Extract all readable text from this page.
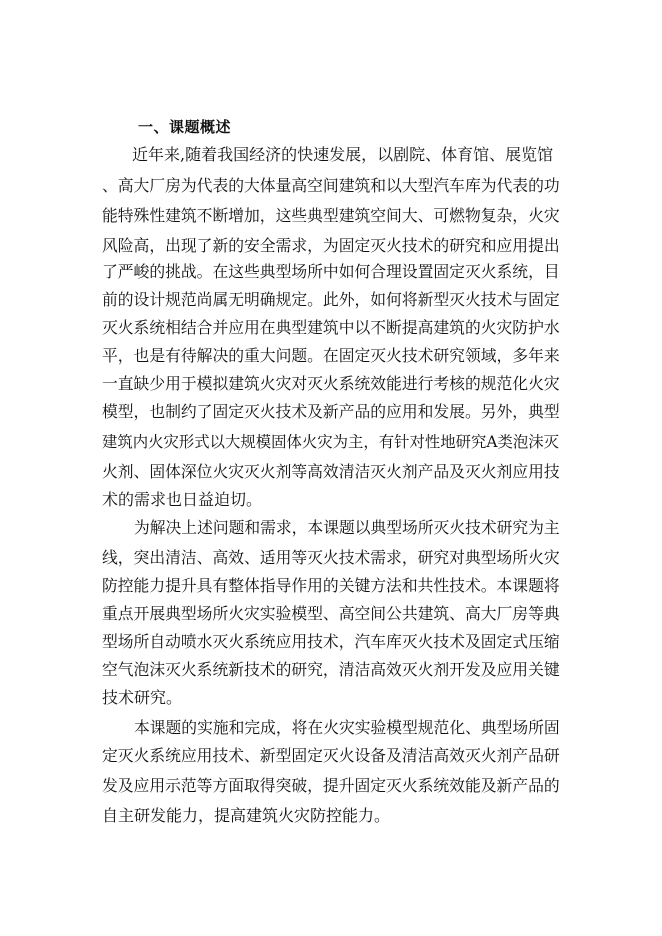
一、课题概述

近年来,随着我国经济的快速发展，以剧院、体育馆、展览馆

、高大厂房为代表的大体量高空间建筑和以大型汽车库为代表的功

能特殊性建筑不断增加，这些典型建筑空间大、可燃物复杂，火灾

风险高，出现了新的安全需求，为固定灭火技术的研究和应用提出

了严峻的挑战。在这些典型场所中如何合理设置固定灭火系统，目

前的设计规范尚属无明确规定。此外，如何将新型灭火技术与固定

灭火系统相结合并应用在典型建筑中以不断提高建筑的火灾防护水

平，也是有待解决的重大问题。在固定灭火技术研究领域，多年来

一直缺少用于模拟建筑火灾对灭火系统效能进行考核的规范化火灾

模型，也制约了固定灭火技术及新产品的应用和发展。另外，典型

建筑内火灾形式以大规模固体火灾为主，有针对性地研究A类泡沫灭

火剂、固体深位火灾灭火剂等高效清洁灭火剂产品及灭火剂应用技

术的需求也日益迫切。

为解决上述问题和需求，本课题以典型场所灭火技术研究为主

线，突出清洁、高效、适用等灭火技术需求，研究对典型场所火灾

防控能力提升具有整体指导作用的关键方法和共性技术。本课题将

重点开展典型场所火灾实验模型、高空间公共建筑、高大厂房等典

型场所自动喷水灭火系统应用技术，汽车库灭火技术及固定式压缩

空气泡沫灭火系统新技术的研究，清洁高效灭火剂开发及应用关键

技术研究。

本课题的实施和完成，将在火灾实验模型规范化、典型场所固

定灭火系统应用技术、新型固定灭火设备及清洁高效灭火剂产品研

发及应用示范等方面取得突破，提升固定灭火系统效能及新产品的

自主研发能力，提高建筑火灾防控能力。
